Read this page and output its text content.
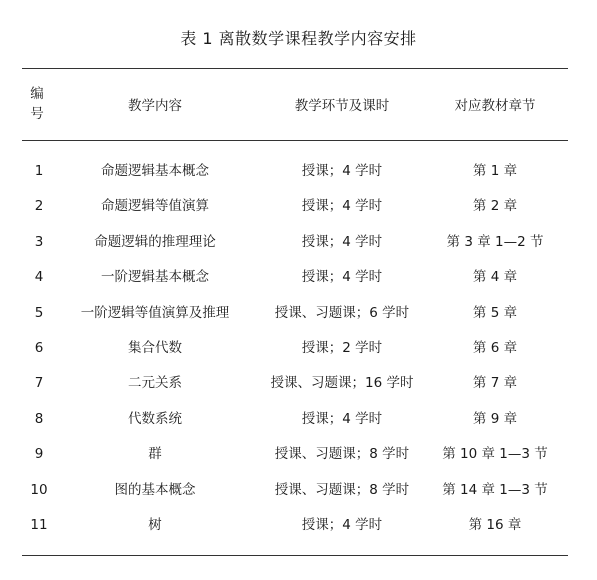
表 1 离散数学课程教学内容安排
编
号	教学内容	教学环节及课时	对应教材章节
1	命题逻辑基本概念	授课；4 学时	第 1 章
2	命题逻辑等值演算	授课；4 学时	第 2 章
3	命题逻辑的推理理论	授课；4 学时	第 3 章 1—2 节
4	一阶逻辑基本概念	授课；4 学时	第 4 章
5	一阶逻辑等值演算及推理	授课、习题课；6 学时	第 5 章
6	集合代数	授课；2 学时	第 6 章
7	二元关系	授课、习题课；16 学时	第 7 章
8	代数系统	授课；4 学时	第 9 章
9	群	授课、习题课；8 学时	第 10 章 1—3 节
10	图的基本概念	授课、习题课；8 学时	第 14 章 1—3 节
11	树	授课；4 学时	第 16 章
